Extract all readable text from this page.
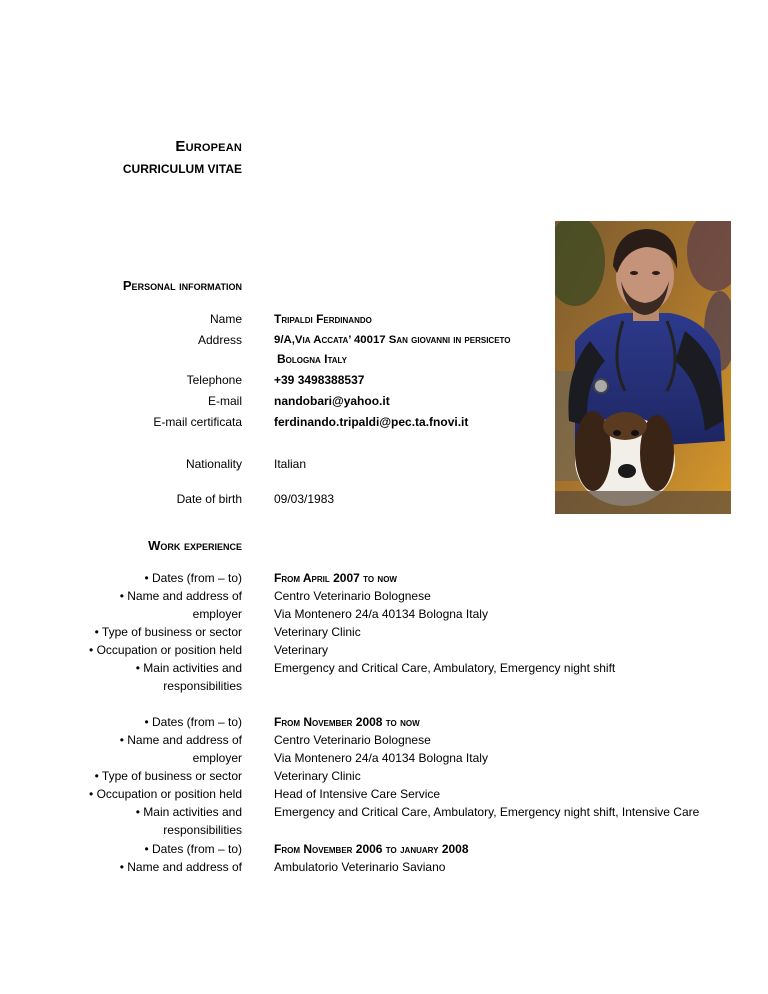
European
CURRICULUM VITAE
Personal information
Name	Tripaldi Ferdinando
Address	9/A,Via Accata’ 40017 San giovanni in persiceto
Bologna Italy
Telephone	+39 3498388537
E-mail	nandobari@yahoo.it
E-mail certificata	ferdinando.tripaldi@pec.ta.fnovi.it
Nationality	Italian
Date of birth	09/03/1983
Work experience
• Dates (from – to)	From April 2007 to now
• Name and address of	Centro Veterinario Bolognese
employer	Via Montenero 24/a 40134 Bologna Italy
• Type of business or sector	Veterinary Clinic
• Occupation or position held	Veterinary
• Main activities and	Emergency and Critical Care, Ambulatory, Emergency night shift
responsibilities
• Dates (from – to)	From November 2008 to now
• Name and address of	Centro Veterinario Bolognese
employer	Via Montenero 24/a 40134 Bologna Italy
• Type of business or sector	Veterinary Clinic
• Occupation or position held	Head of Intensive Care Service
• Main activities and	Emergency and Critical Care, Ambulatory, Emergency night shift, Intensive Care
responsibilities
• Dates (from – to)	From November 2006 to january 2008
• Name and address of	Ambulatorio Veterinario Saviano
